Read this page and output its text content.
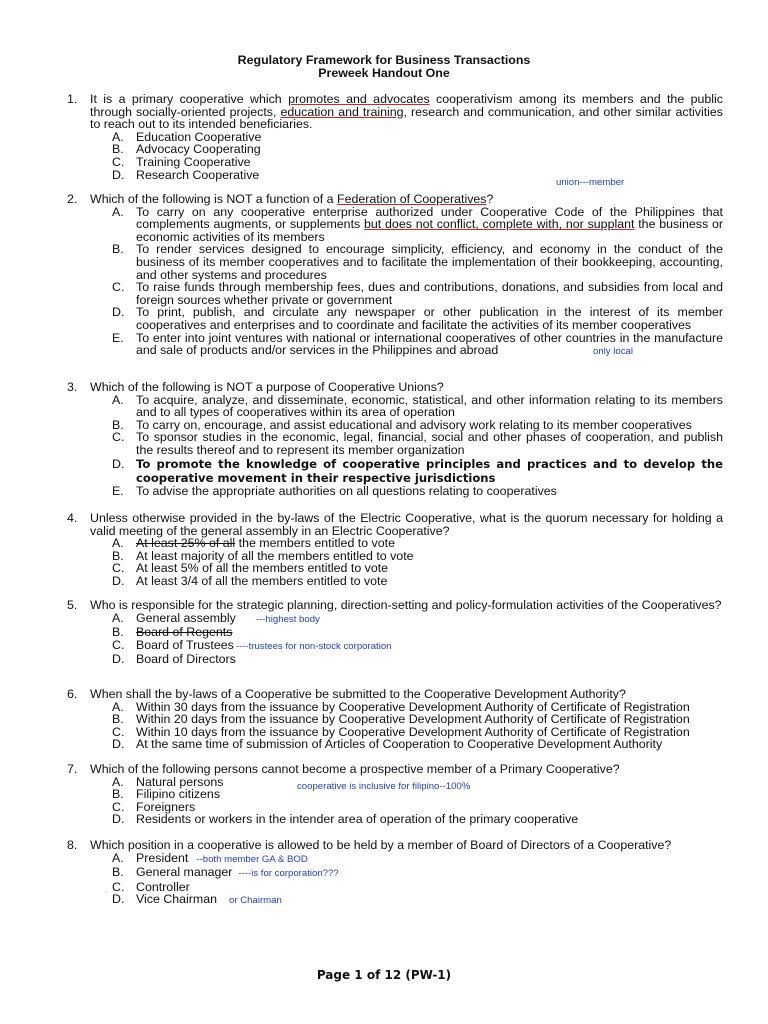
Regulatory Framework for Business Transactions
Preweek Handout One
1. It is a primary cooperative which promotes and advocates cooperativism among its members and the public through socially-oriented projects, education and training, research and communication, and other similar activities to reach out to its intended beneficiaries.
A. Education Cooperative
B. Advocacy Cooperating
C. Training Cooperative
D. Research Cooperative
union---member
2. Which of the following is NOT a function of a Federation of Cooperatives?
A. To carry on any cooperative enterprise authorized under Cooperative Code of the Philippines that complements augments, or supplements but does not conflict, complete with, nor supplant the business or economic activities of its members
B. To render services designed to encourage simplicity, efficiency, and economy in the conduct of the business of its member cooperatives and to facilitate the implementation of their bookkeeping, accounting, and other systems and procedures
C. To raise funds through membership fees, dues and contributions, donations, and subsidies from local and foreign sources whether private or government
D. To print, publish, and circulate any newspaper or other publication in the interest of its member cooperatives and enterprises and to coordinate and facilitate the activities of its member cooperatives
E. To enter into joint ventures with national or international cooperatives of other countries in the manufacture and sale of products and/or services in the Philippines and abroad	only local
3. Which of the following is NOT a purpose of Cooperative Unions?
A. To acquire, analyze, and disseminate, economic, statistical, and other information relating to its members and to all types of cooperatives within its area of operation
B. To carry on, encourage, and assist educational and advisory work relating to its member cooperatives
C. To sponsor studies in the economic, legal, financial, social and other phases of cooperation, and publish the results thereof and to represent its member organization
D. To promote the knowledge of cooperative principles and practices and to develop the cooperative movement in their respective jurisdictions
E. To advise the appropriate authorities on all questions relating to cooperatives
4. Unless otherwise provided in the by-laws of the Electric Cooperative, what is the quorum necessary for holding a valid meeting of the general assembly in an Electric Cooperative?
A. At least 25% of all the members entitled to vote
B. At least majority of all the members entitled to vote
C. At least 5% of all the members entitled to vote
D. At least 3/4 of all the members entitled to vote
5. Who is responsible for the strategic planning, direction-setting and policy-formulation activities of the Cooperatives?
A. General assembly ---highest body
B. Board of Regents
C. Board of Trustees ----trustees for non-stock corporation
D. Board of Directors
6. When shall the by-laws of a Cooperative be submitted to the Cooperative Development Authority?
A. Within 30 days from the issuance by Cooperative Development Authority of Certificate of Registration
B. Within 20 days from the issuance by Cooperative Development Authority of Certificate of Registration
C. Within 10 days from the issuance by Cooperative Development Authority of Certificate of Registration
D. At the same time of submission of Articles of Cooperation to Cooperative Development Authority
7. Which of the following persons cannot become a prospective member of a Primary Cooperative?
A. Natural persons
B. Filipino citizens
C. Foreigners
D. Residents or workers in the intender area of operation of the primary cooperative
cooperative is inclusive for filipino--100%
8. Which position in a cooperative is allowed to be held by a member of Board of Directors of a Cooperative?
A. President --both member GA & BOD
B. General manager ----is for corporation???
C. Controller
D. Vice Chairman or Chairman
ˏ
Page 1 of 12 (PW-1)
